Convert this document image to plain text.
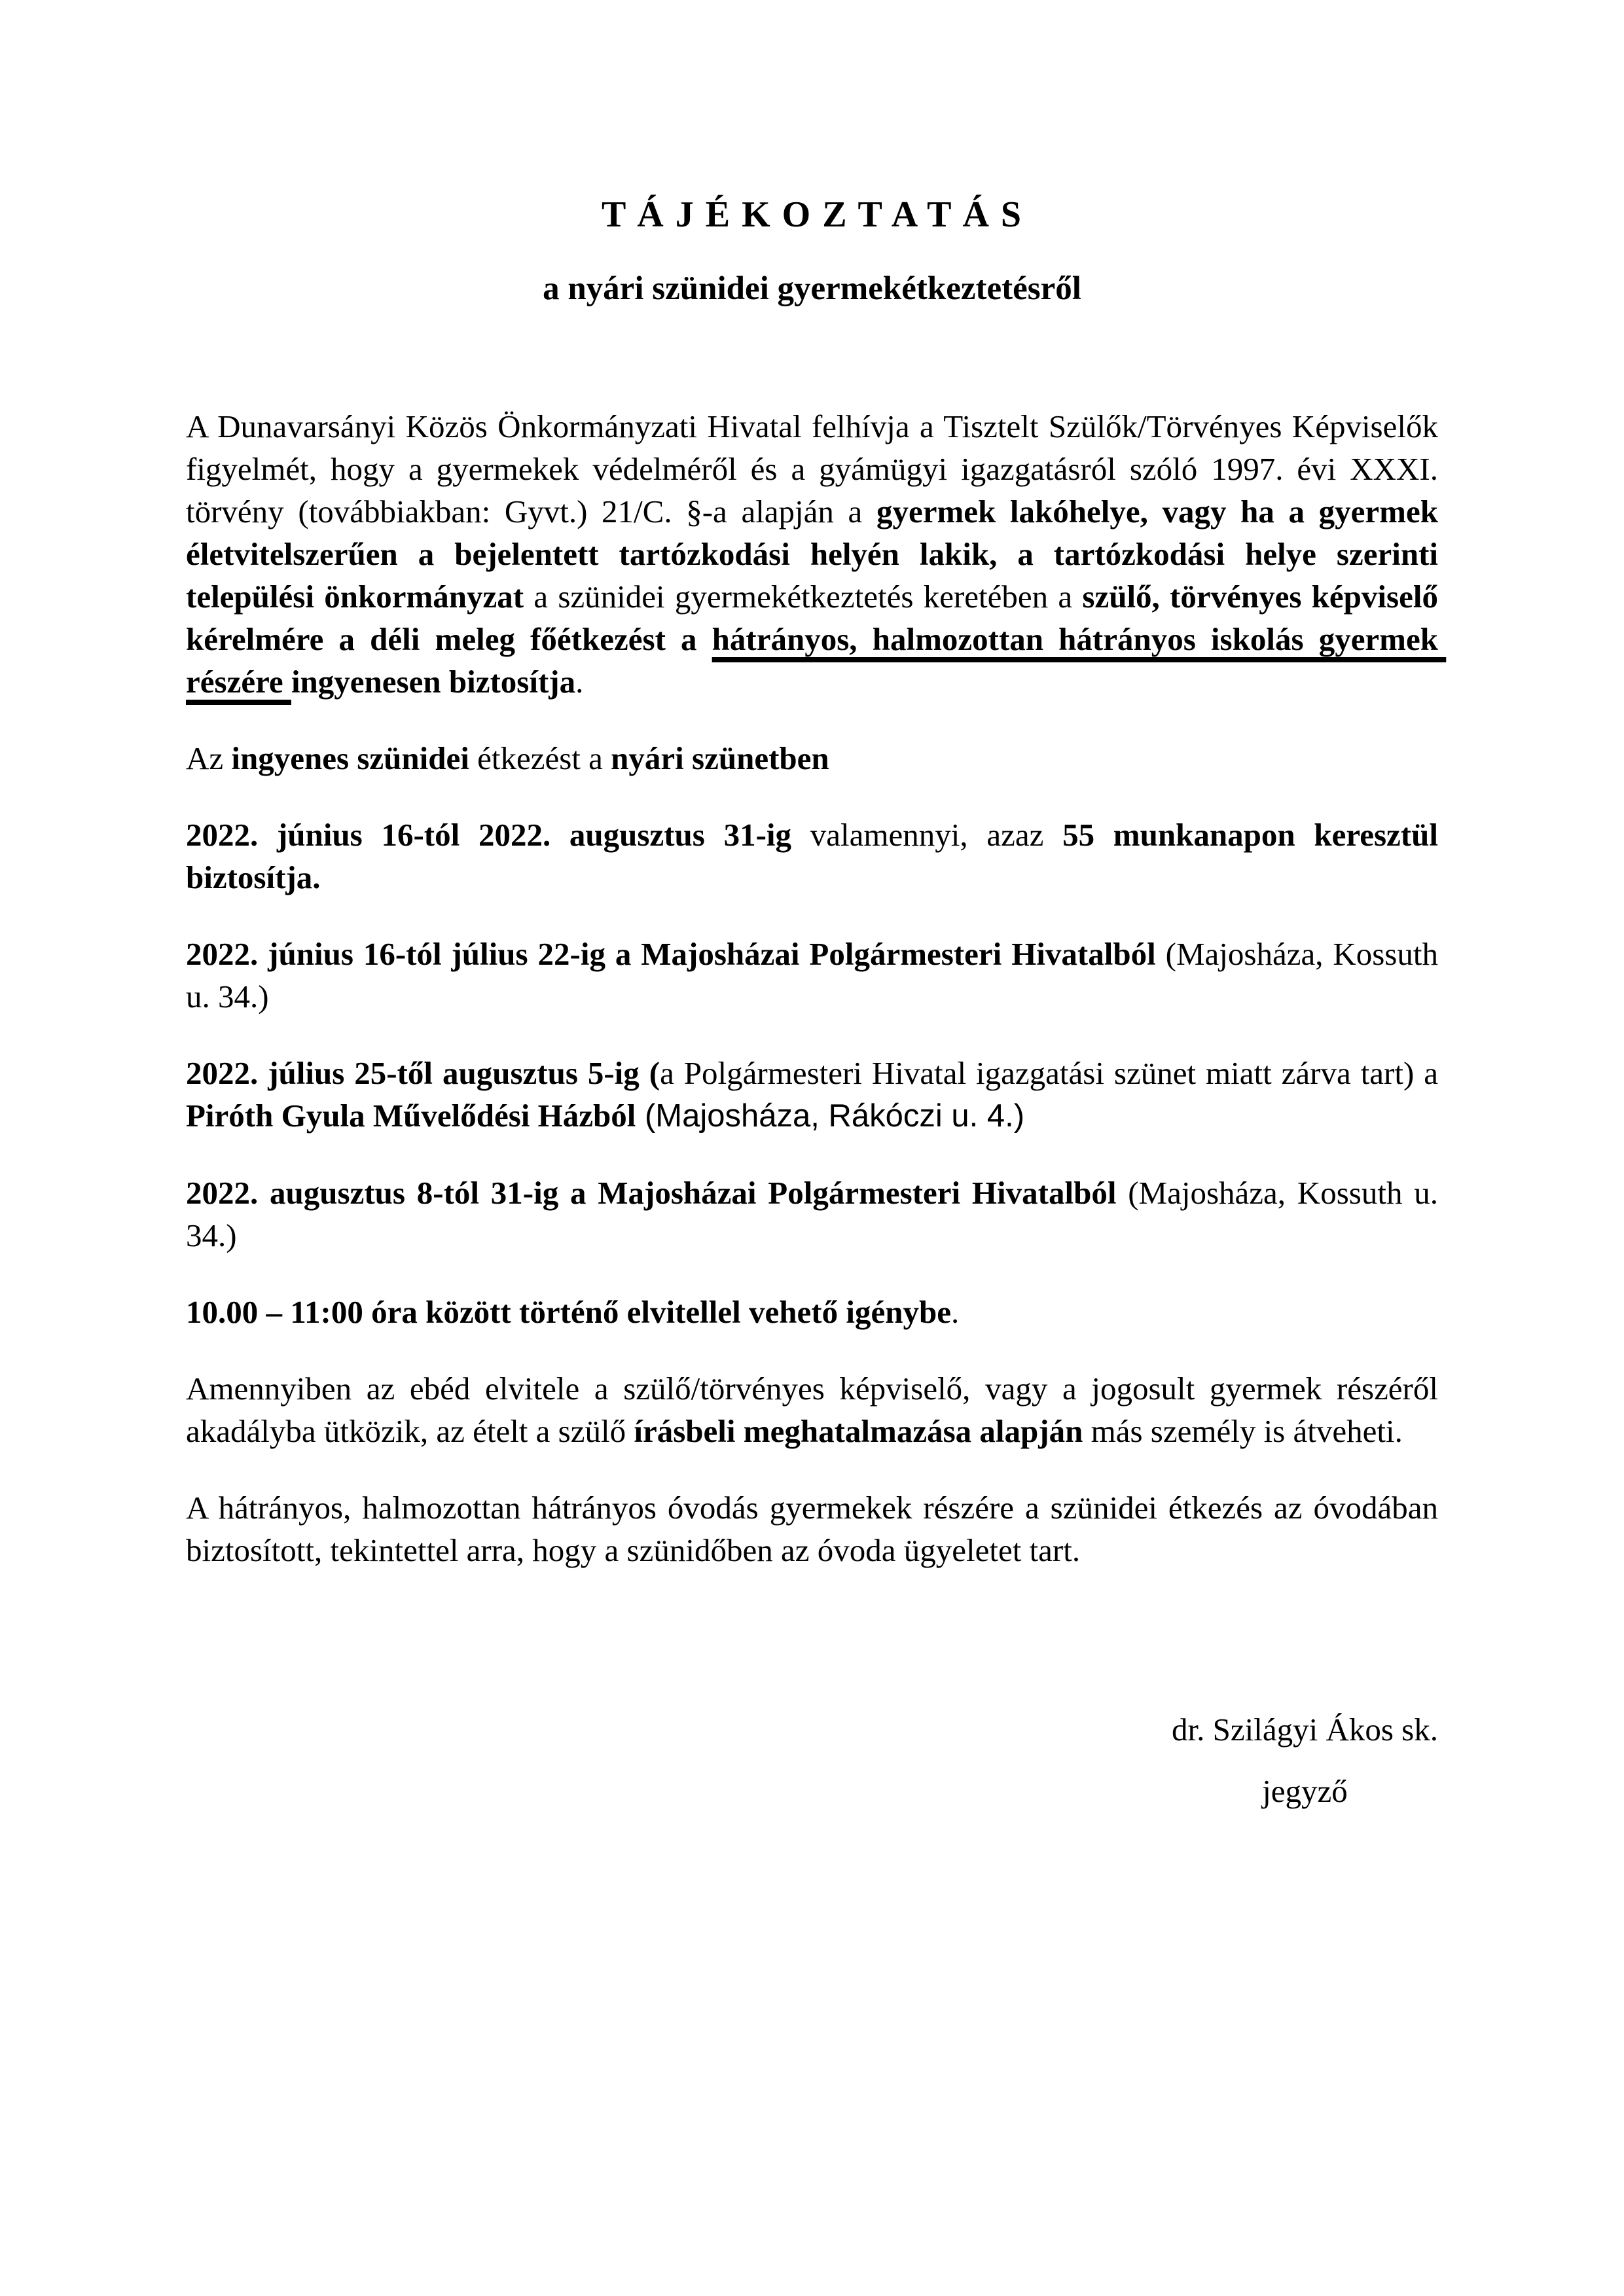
T Á J É K O Z T A T Á S
a nyári szünidei gyermekétkeztetésről

A Dunavarsányi Közös Önkormányzati Hivatal felhívja a Tisztelt Szülők/Törvényes Képviselők figyelmét, hogy a gyermekek védelméről és a gyámügyi igazgatásról szóló 1997. évi XXXI. törvény (továbbiakban: Gyvt.) 21/C. §-a alapján a gyermek lakóhelye, vagy ha a gyermek életvitelszerűen a bejelentett tartózkodási helyén lakik, a tartózkodási helye szerinti települési önkormányzat a szünidei gyermekétkeztetés keretében a szülő, törvényes képviselő kérelmére a déli meleg főétkezést a hátrányos, halmozottan hátrányos iskolás gyermek részére ingyenesen biztosítja.

Az ingyenes szünidei étkezést a nyári szünetben

2022. június 16-tól 2022. augusztus 31-ig valamennyi, azaz 55 munkanapon keresztül biztosítja.

2022. június 16-tól július 22-ig a Majosházai Polgármesteri Hivatalból (Majosháza, Kossuth u. 34.)

2022. július 25-től augusztus 5-ig (a Polgármesteri Hivatal igazgatási szünet miatt zárva tart) a Piróth Gyula Művelődési Házból (Majosháza, Rákóczi u. 4.)

2022. augusztus 8-tól 31-ig a Majosházai Polgármesteri Hivatalból (Majosháza, Kossuth u. 34.)

10.00 – 11:00 óra között történő elvitellel vehető igénybe.

Amennyiben az ebéd elvitele a szülő/törvényes képviselő, vagy a jogosult gyermek részéről akadályba ütközik, az ételt a szülő írásbeli meghatalmazása alapján más személy is átveheti.

A hátrányos, halmozottan hátrányos óvodás gyermekek részére a szünidei étkezés az óvodában biztosított, tekintettel arra, hogy a szünidőben az óvoda ügyeletet tart.

dr. Szilágyi Ákos sk.
jegyző
